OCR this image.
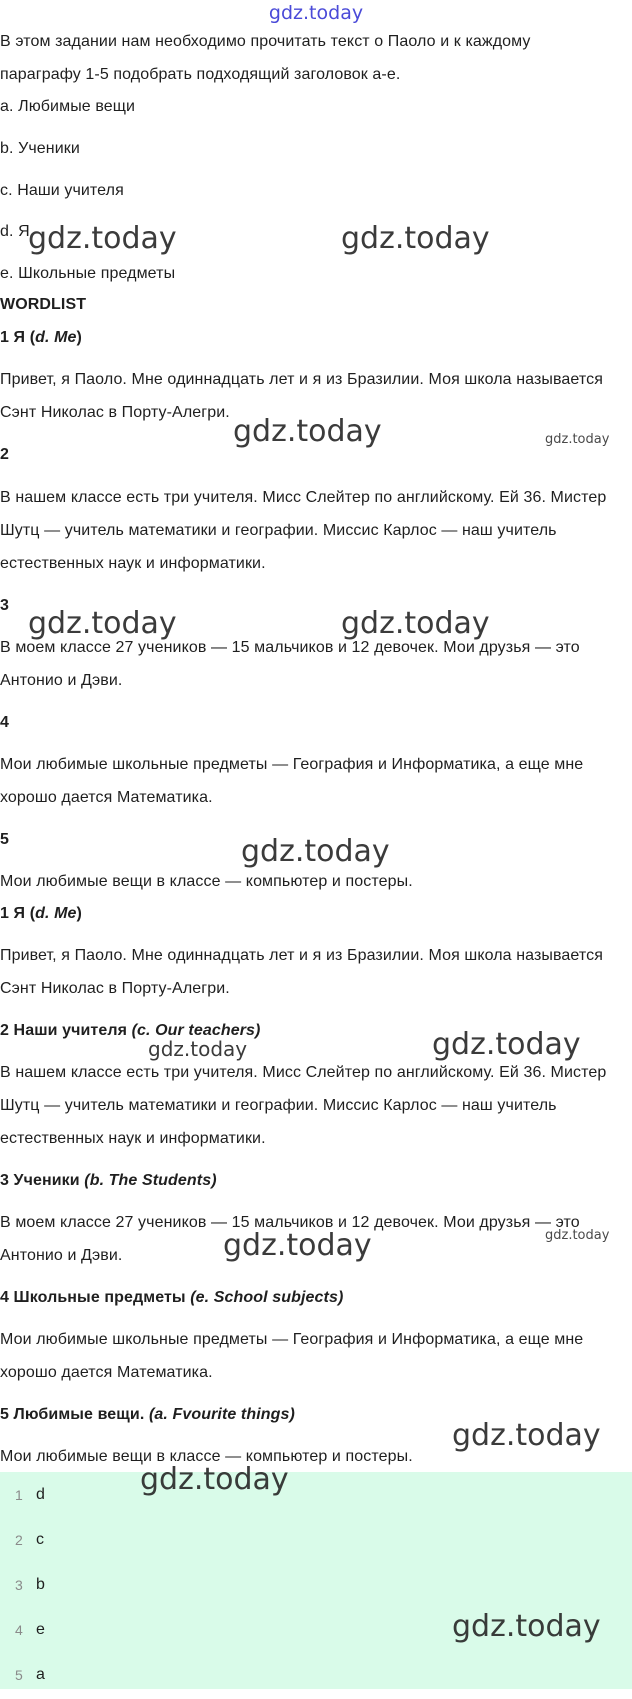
gdz.today
В этом задании нам необходимо прочитать текст о Паоло и к каждому
параграфу 1-5 подобрать подходящий заголовок a-e.
a. Любимые вещи
b. Ученики
c. Наши учителя
d. Я
e. Школьные предметы
WORDLIST
1 Я (d. Me)
Привет, я Паоло. Мне одиннадцать лет и я из Бразилии. Моя школа называется
Сэнт Николас в Порту-Алегри.
2
В нашем классе есть три учителя. Мисс Слейтер по английскому. Ей 36. Мистер
Шутц — учитель математики и географии. Миссис Карлос — наш учитель
естественных наук и информатики.
3
В моем классе 27 учеников — 15 мальчиков и 12 девочек. Мои друзья — это
Антонио и Дэви.
4
Мои любимые школьные предметы — География и Информатика, а еще мне
хорошо дается Математика.
5
Мои любимые вещи в классе — компьютер и постеры.
1 Я (d. Me)
Привет, я Паоло. Мне одиннадцать лет и я из Бразилии. Моя школа называется
Сэнт Николас в Порту-Алегри.
2 Наши учителя (c. Our teachers)
В нашем классе есть три учителя. Мисс Слейтер по английскому. Ей 36. Мистер
Шутц — учитель математики и географии. Миссис Карлос — наш учитель
естественных наук и информатики.
3 Ученики (b. The Students)
В моем классе 27 учеников — 15 мальчиков и 12 девочек. Мои друзья — это
Антонио и Дэви.
4 Школьные предметы (e. School subjects)
Мои любимые школьные предметы — География и Информатика, а еще мне
хорошо дается Математика.
5 Любимые вещи. (a. Fvourite things)
Мои любимые вещи в классе — компьютер и постеры.
1 d
2 c
3 b
4 e
5 a
gdz.today	gdz.today
gdz.today	gdz.today
gdz.today	gdz.today
gdz.today
gdz.today	gdz.today
gdz.today
gdz.today
gdz.today
gdz.today
gdz.today
